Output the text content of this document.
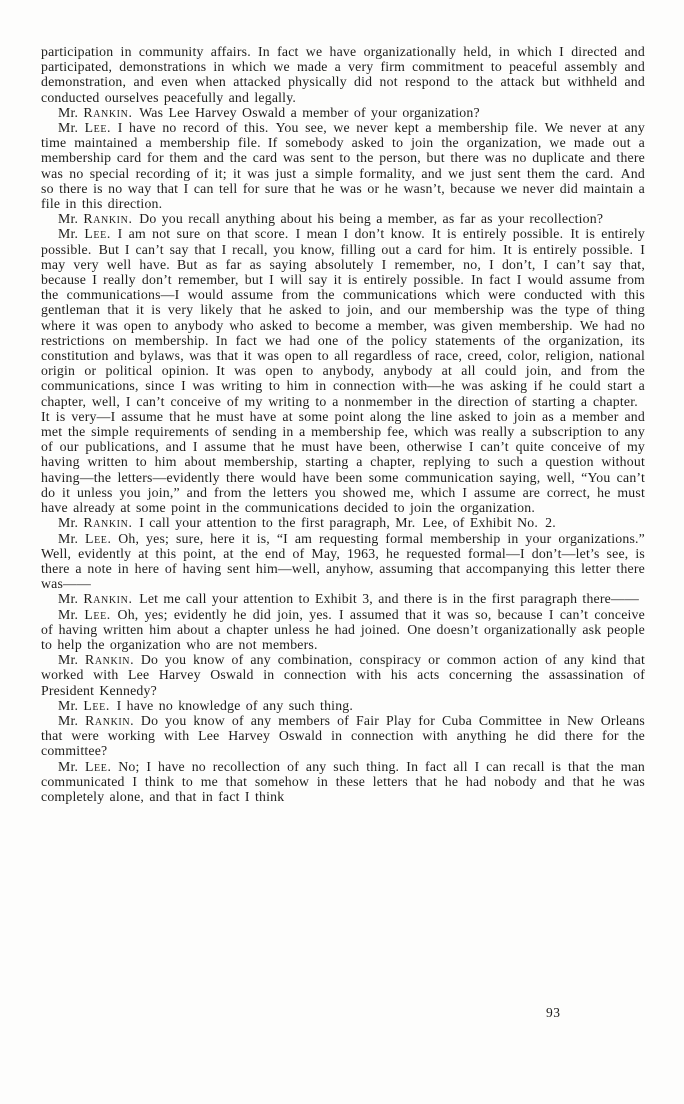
participation in community affairs. In fact we have organizationally held, in which I directed and participated, demonstrations in which we made a very firm commitment to peaceful assembly and demonstration, and even when attacked physically did not respond to the attack but withheld and conducted ourselves peacefully and legally.

Mr. Rankin. Was Lee Harvey Oswald a member of your organization?

Mr. Lee. I have no record of this. You see, we never kept a membership file. We never at any time maintained a membership file. If somebody asked to join the organization, we made out a membership card for them and the card was sent to the person, but there was no duplicate and there was no special recording of it; it was just a simple formality, and we just sent them the card. And so there is no way that I can tell for sure that he was or he wasn’t, because we never did maintain a file in this direction.

Mr. Rankin. Do you recall anything about his being a member, as far as your recollection?

Mr. Lee. I am not sure on that score. I mean I don’t know. It is entirely possible. It is entirely possible. But I can’t say that I recall, you know, filling out a card for him. It is entirely possible. I may very well have. But as far as saying absolutely I remember, no, I don’t, I can’t say that, because I really don’t remember, but I will say it is entirely possible. In fact I would assume from the communications—I would assume from the communications which were conducted with this gentleman that it is very likely that he asked to join, and our membership was the type of thing where it was open to anybody who asked to become a member, was given membership. We had no restrictions on membership. In fact we had one of the policy statements of the organization, its constitution and bylaws, was that it was open to all regardless of race, creed, color, religion, national origin or political opinion. It was open to anybody, anybody at all could join, and from the communications, since I was writing to him in connection with—he was asking if he could start a chapter, well, I can’t conceive of my writing to a nonmember in the direction of starting a chapter. It is very—I assume that he must have at some point along the line asked to join as a member and met the simple requirements of sending in a membership fee, which was really a subscription to any of our publications, and I assume that he must have been, otherwise I can’t quite conceive of my having written to him about membership, starting a chapter, replying to such a question without having—the letters—evidently there would have been some communication saying, well, “You can’t do it unless you join,” and from the letters you showed me, which I assume are correct, he must have already at some point in the communications decided to join the organization.

Mr. Rankin. I call your attention to the first paragraph, Mr. Lee, of Exhibit No. 2.

Mr. Lee. Oh, yes; sure, here it is, “I am requesting formal membership in your organizations.” Well, evidently at this point, at the end of May, 1963, he requested formal—I don’t—let’s see, is there a note in here of having sent him—well, anyhow, assuming that accompanying this letter there was——

Mr. Rankin. Let me call your attention to Exhibit 3, and there is in the first paragraph there——

Mr. Lee. Oh, yes; evidently he did join, yes. I assumed that it was so, because I can’t conceive of having written him about a chapter unless he had joined. One doesn’t organizationally ask people to help the organization who are not members.

Mr. Rankin. Do you know of any combination, conspiracy or common action of any kind that worked with Lee Harvey Oswald in connection with his acts concerning the assassination of President Kennedy?

Mr. Lee. I have no knowledge of any such thing.

Mr. Rankin. Do you know of any members of Fair Play for Cuba Committee in New Orleans that were working with Lee Harvey Oswald in connection with anything he did there for the committee?

Mr. Lee. No; I have no recollection of any such thing. In fact all I can recall is that the man communicated I think to me that somehow in these letters that he had nobody and that he was completely alone, and that in fact I think

93
